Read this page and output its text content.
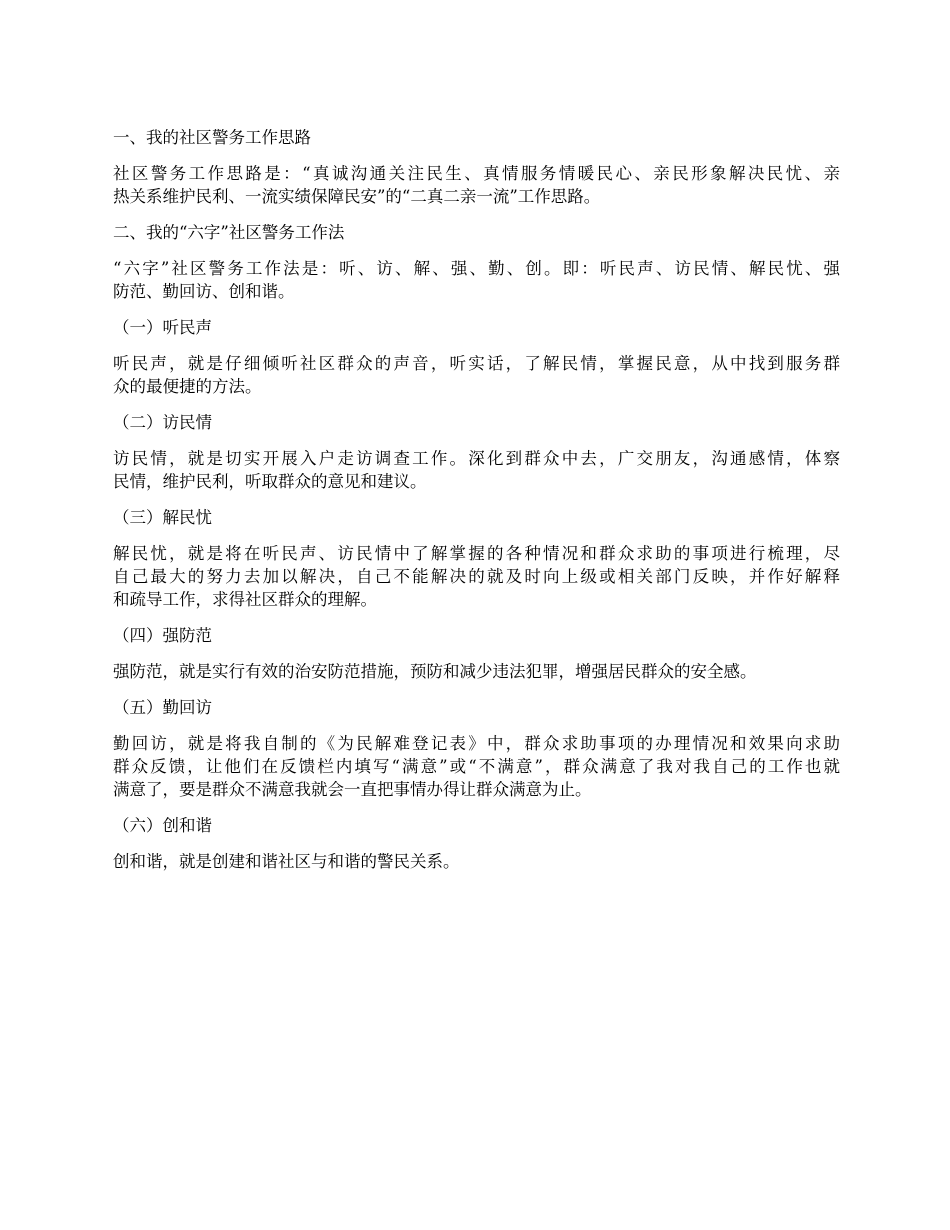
一、我的社区警务工作思路

社区警务工作思路是：“真诚沟通关注民生、真情服务情暖民心、亲民形象解决民忧、亲

热关系维护民利、一流实绩保障民安”的“二真二亲一流”工作思路。

二、我的“六字”社区警务工作法

“六字”社区警务工作法是：听、访、解、强、勤、创。即：听民声、访民情、解民忧、强

防范、勤回访、创和谐。

（一）听民声

听民声，就是仔细倾听社区群众的声音，听实话，了解民情，掌握民意，从中找到服务群

众的最便捷的方法。

（二）访民情

访民情，就是切实开展入户走访调查工作。深化到群众中去，广交朋友，沟通感情，体察

民情，维护民利，听取群众的意见和建议。

（三）解民忧

解民忧，就是将在听民声、访民情中了解掌握的各种情况和群众求助的事项进行梳理，尽

自己最大的努力去加以解决，自己不能解决的就及时向上级或相关部门反映，并作好解释

和疏导工作，求得社区群众的理解。

（四）强防范

强防范，就是实行有效的治安防范措施，预防和减少违法犯罪，增强居民群众的安全感。

（五）勤回访

勤回访，就是将我自制的《为民解难登记表》中，群众求助事项的办理情况和效果向求助

群众反馈，让他们在反馈栏内填写“满意”或“不满意”，群众满意了我对我自己的工作也就

满意了，要是群众不满意我就会一直把事情办得让群众满意为止。

（六）创和谐

创和谐，就是创建和谐社区与和谐的警民关系。
